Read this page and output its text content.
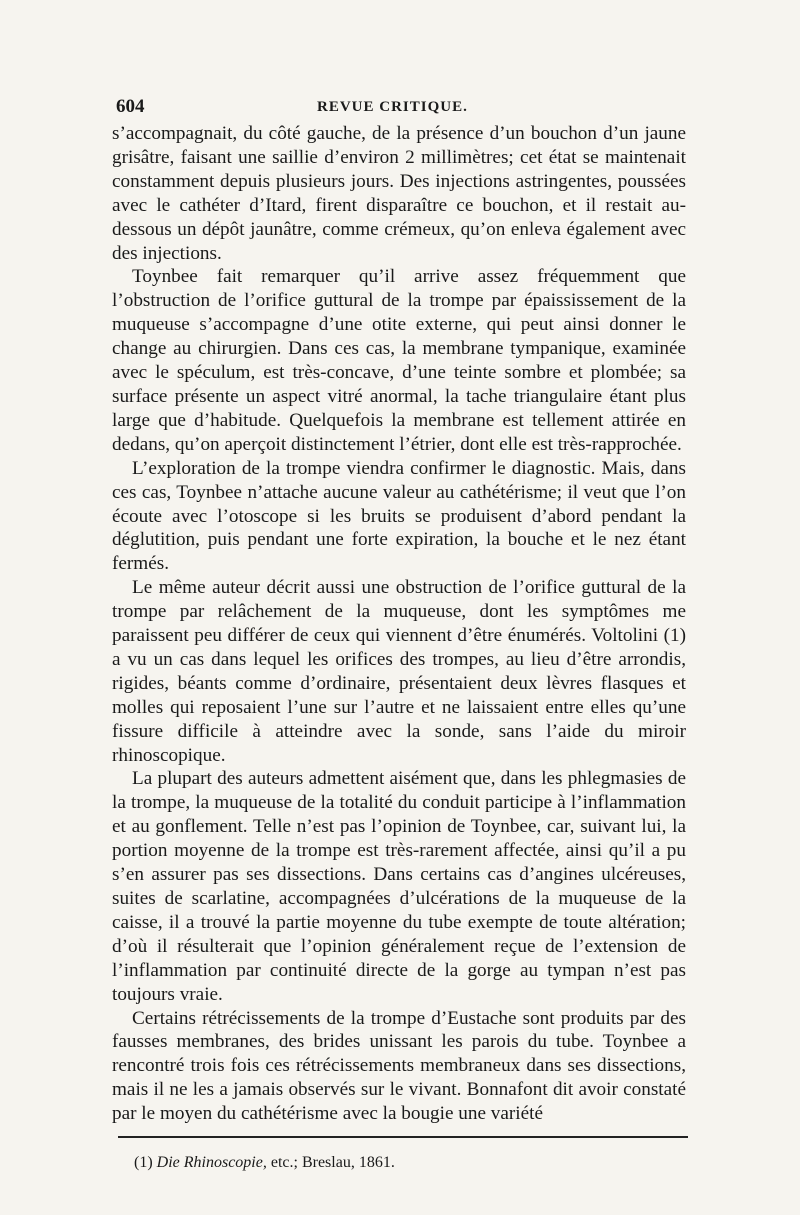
604	REVUE CRITIQUE.

s’accompagnait, du côté gauche, de la présence d’un bouchon d’un jaune grisâtre, faisant une saillie d’environ 2 millimètres; cet état se maintenait constamment depuis plusieurs jours. Des injections astringentes, poussées avec le cathéter d’Itard, firent disparaître ce bouchon, et il restait au-dessous un dépôt jaunâtre, comme crémeux, qu’on enleva également avec des injections.

Toynbee fait remarquer qu’il arrive assez fréquemment que l’obstruction de l’orifice guttural de la trompe par épaississement de la muqueuse s’accompagne d’une otite externe, qui peut ainsi donner le change au chirurgien. Dans ces cas, la membrane tympanique, examinée avec le spéculum, est très-concave, d’une teinte sombre et plombée; sa surface présente un aspect vitré anormal, la tache triangulaire étant plus large que d’habitude. Quelquefois la membrane est tellement attirée en dedans, qu’on aperçoit distinctement l’étrier, dont elle est très-rapprochée.

L’exploration de la trompe viendra confirmer le diagnostic. Mais, dans ces cas, Toynbee n’attache aucune valeur au cathétérisme; il veut que l’on écoute avec l’otoscope si les bruits se produisent d’abord pendant la déglutition, puis pendant une forte expiration, la bouche et le nez étant fermés.

Le même auteur décrit aussi une obstruction de l’orifice guttural de la trompe par relâchement de la muqueuse, dont les symptômes me paraissent peu différer de ceux qui viennent d’être énumérés. Voltolini (1) a vu un cas dans lequel les orifices des trompes, au lieu d’être arrondis, rigides, béants comme d’ordinaire, présentaient deux lèvres flasques et molles qui reposaient l’une sur l’autre et ne laissaient entre elles qu’une fissure difficile à atteindre avec la sonde, sans l’aide du miroir rhinoscopique.

La plupart des auteurs admettent aisément que, dans les phlegmasies de la trompe, la muqueuse de la totalité du conduit participe à l’inflammation et au gonflement. Telle n’est pas l’opinion de Toynbee, car, suivant lui, la portion moyenne de la trompe est très-rarement affectée, ainsi qu’il a pu s’en assurer pas ses dissections. Dans certains cas d’angines ulcéreuses, suites de scarlatine, accompagnées d’ulcérations de la muqueuse de la caisse, il a trouvé la partie moyenne du tube exempte de toute altération; d’où il résulterait que l’opinion généralement reçue de l’extension de l’inflammation par continuité directe de la gorge au tympan n’est pas toujours vraie.

Certains rétrécissements de la trompe d’Eustache sont produits par des fausses membranes, des brides unissant les parois du tube. Toynbee a rencontré trois fois ces rétrécissements membraneux dans ses dissections, mais il ne les a jamais observés sur le vivant. Bonnafont dit avoir constaté par le moyen du cathétérisme avec la bougie une variété

(1) Die Rhinoscopie, etc.; Breslau, 1861.
